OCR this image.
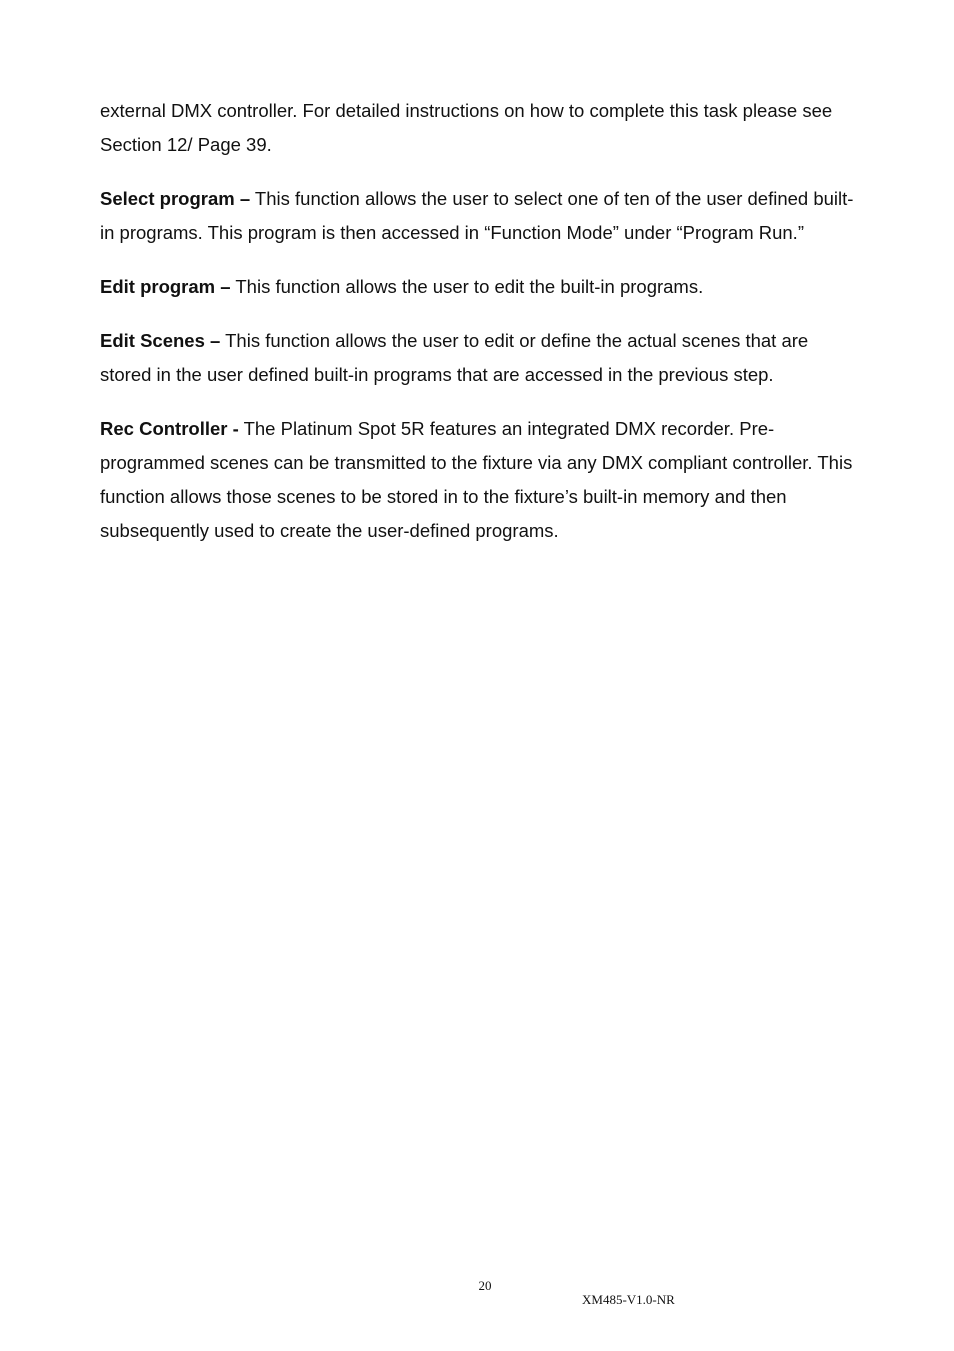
external DMX controller. For detailed instructions on how to complete this task please see Section 12/ Page 39.

Select program – This function allows the user to select one of ten of the user defined built-in programs. This program is then accessed in “Function Mode” under “Program Run.”

Edit program – This function allows the user to edit the built-in programs.

Edit Scenes – This function allows the user to edit or define the actual scenes that are stored in the user defined built-in programs that are accessed in the previous step.

Rec Controller - The Platinum Spot 5R features an integrated DMX recorder. Pre-programmed scenes can be transmitted to the fixture via any DMX compliant controller. This function allows those scenes to be stored in to the fixture’s built-in memory and then subsequently used to create the user-defined programs.

20
XM485-V1.0-NR
